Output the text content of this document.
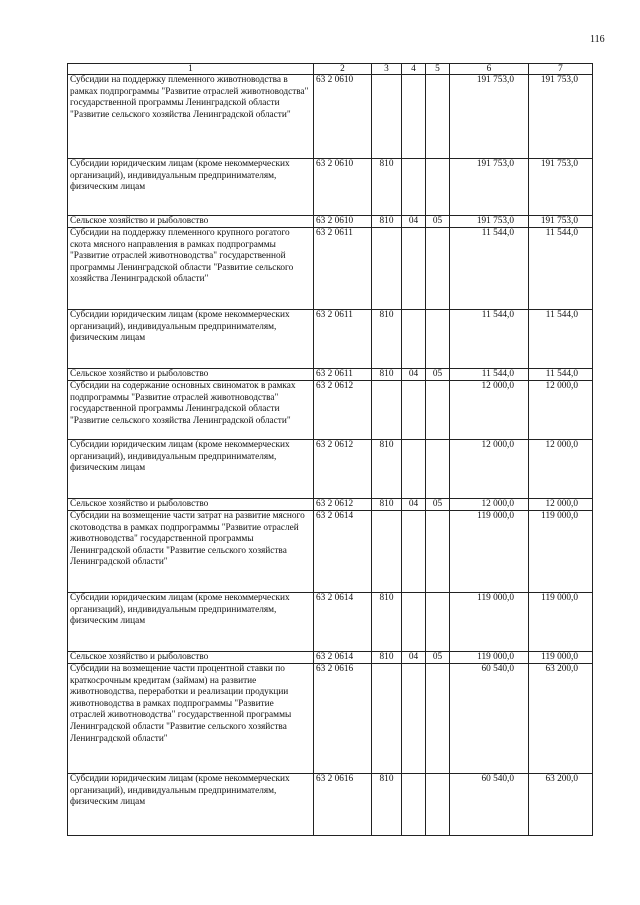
116
1	2	3	4	5	6	7
Субсидии на поддержку племенного животноводства в рамках подпрограммы "Развитие отраслей животноводства" государственной программы Ленинградской области "Развитие сельского хозяйства Ленинградской области"	63 2 0610				191 753,0	191 753,0
Субсидии юридическим лицам (кроме некоммерческих организаций), индивидуальным предпринимателям, физическим лицам	63 2 0610	810			191 753,0	191 753,0
Сельское хозяйство и рыболовство	63 2 0610	810	04	05	191 753,0	191 753,0
Субсидии на поддержку племенного крупного рогатого скота мясного направления в рамках подпрограммы "Развитие отраслей животноводства" государственной программы Ленинградской области "Развитие сельского хозяйства Ленинградской области"	63 2 0611				11 544,0	11 544,0
Субсидии юридическим лицам (кроме некоммерческих организаций), индивидуальным предпринимателям, физическим лицам	63 2 0611	810			11 544,0	11 544,0
Сельское хозяйство и рыболовство	63 2 0611	810	04	05	11 544,0	11 544,0
Субсидии на содержание основных свиноматок в рамках подпрограммы "Развитие отраслей животноводства" государственной программы Ленинградской области "Развитие сельского хозяйства Ленинградской области"	63 2 0612				12 000,0	12 000,0
Субсидии юридическим лицам (кроме некоммерческих организаций), индивидуальным предпринимателям, физическим лицам	63 2 0612	810			12 000,0	12 000,0
Сельское хозяйство и рыболовство	63 2 0612	810	04	05	12 000,0	12 000,0
Субсидии на возмещение части затрат на развитие мясного скотоводства в рамках подпрограммы "Развитие отраслей животноводства" государственной программы Ленинградской области "Развитие сельского хозяйства Ленинградской области"	63 2 0614				119 000,0	119 000,0
Субсидии юридическим лицам (кроме некоммерческих организаций), индивидуальным предпринимателям, физическим лицам	63 2 0614	810			119 000,0	119 000,0
Сельское хозяйство и рыболовство	63 2 0614	810	04	05	119 000,0	119 000,0
Субсидии на возмещение части процентной ставки по краткосрочным кредитам (займам) на развитие животноводства, переработки и реализации продукции животноводства в рамках подпрограммы "Развитие отраслей животноводства" государственной программы Ленинградской области "Развитие сельского хозяйства Ленинградской области"	63 2 0616				60 540,0	63 200,0
Субсидии юридическим лицам (кроме некоммерческих организаций), индивидуальным предпринимателям, физическим лицам	63 2 0616	810			60 540,0	63 200,0
